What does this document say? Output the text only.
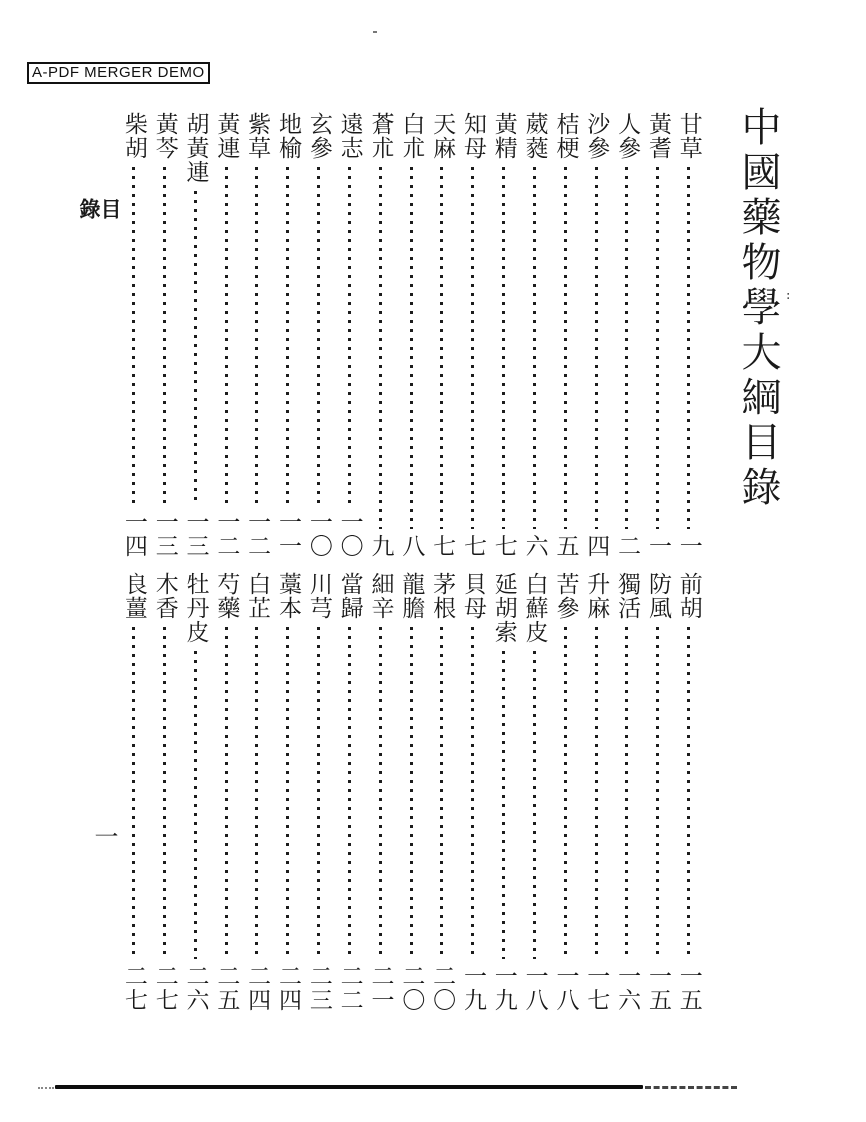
A-PDF MERGER DEMO
:
中國藥物學大綱目錄
目錄
甘草
一
黃耆
一
人參
二
沙參
四
桔梗
五
葳蕤
六
黃精
七
知母
七
天麻
七
白朮
八
蒼朮
九
遠志
一〇
玄參
一〇
地榆
一一
紫草
一二
黃連
一二
胡黃連
一三
黃芩
一三
柴胡
一四
前胡
一五
防風
一五
獨活
一六
升麻
一七
苦參
一八
白蘚皮
一八
延胡索
一九
貝母
一九
茅根
二〇
龍膽
二〇
細辛
二一
當歸
二二
川芎
二三
藁本
二四
白芷
二四
芍藥
二五
牡丹皮
二六
木香
二七
良薑
二七
一
